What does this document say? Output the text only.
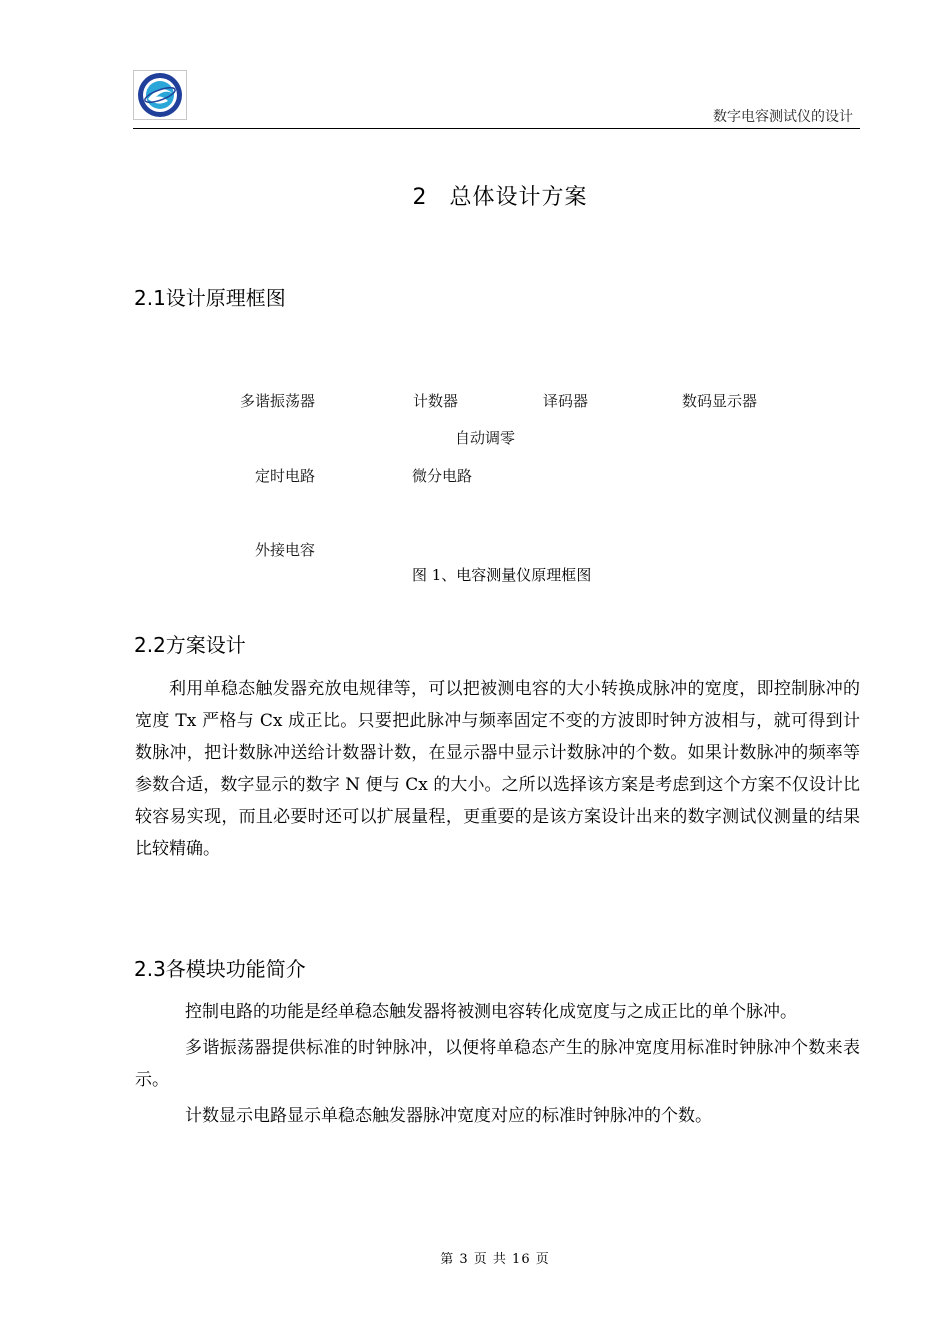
数字电容测试仪的设计
2 总体设计方案
2.1设计原理框图
多谐振荡器	计数器	译码器	数码显示器
自动调零
定时电路	微分电路
外接电容
图 1、电容测量仪原理框图
2.2方案设计

利用单稳态触发器充放电规律等，可以把被测电容的大小转换成脉冲的宽度，即控制脉冲的宽度 Tx 严格与 Cx 成正比。只要把此脉冲与频率固定不变的方波即时钟方波相与，就可得到计数脉冲，把计数脉冲送给计数器计数，在显示器中显示计数脉冲的个数。如果计数脉冲的频率等参数合适，数字显示的数字 N 便与 Cx 的大小。之所以选择该方案是考虑到这个方案不仅设计比较容易实现，而且必要时还可以扩展量程，更重要的是该方案设计出来的数字测试仪测量的结果比较精确。

2.3各模块功能简介

控制电路的功能是经单稳态触发器将被测电容转化成宽度与之成正比的单个脉冲。

多谐振荡器提供标准的时钟脉冲，以便将单稳态产生的脉冲宽度用标准时钟脉冲个数来表示。

计数显示电路显示单稳态触发器脉冲宽度对应的标准时钟脉冲的个数。

第 3 页 共 16 页
